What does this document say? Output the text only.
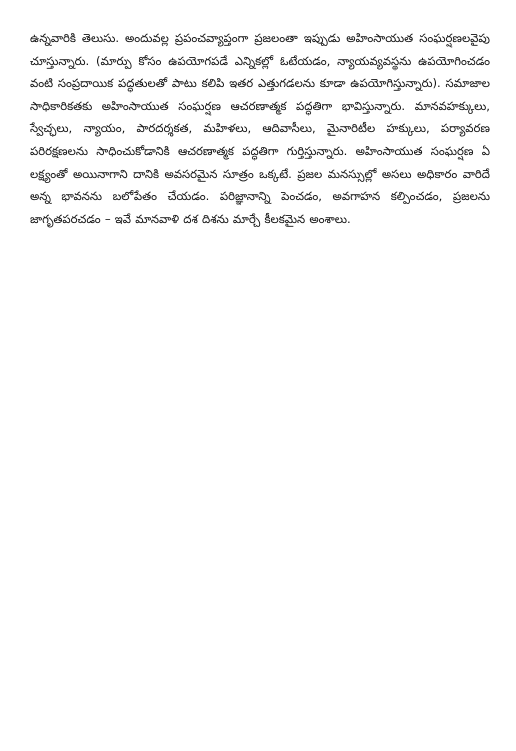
ఉన్నవారికి తెలుసు. అందువల్ల ప్రపంచవ్యాప్తంగా ప్రజలంతా ఇప్పుడు అహింసాయుత సంఘర్షణలవైపు చూస్తున్నారు. (మార్పు కోసం ఉపయోగపడే ఎన్నికల్లో ఓటేయడం, న్యాయవ్యవస్థను ఉపయోగించడం వంటి సంప్రదాయిక పద్ధతులతో పాటు కలిపి ఇతర ఎత్తుగడలను కూడా ఉపయోగిస్తున్నారు). సమాజాల సాధికారికతకు అహింసాయుత సంఘర్షణ ఆచరణాత్మక పద్ధతిగా భావిస్తున్నారు. మానవహక్కులు, స్వేచ్ఛలు, న్యాయం, పారదర్శకత, మహిళలు, ఆదివాసీలు, మైనారిటీల హక్కులు, పర్యావరణ పరిరక్షణలను సాధించుకోడానికి ఆచరణాత్మక పద్ధతిగా గుర్తిస్తున్నారు. అహింసాయుత సంఘర్షణ ఏ లక్ష్యంతో అయినాగాని దానికి అవసరమైన సూత్రం ఒక్కటే. ప్రజల మనస్సుల్లో అసలు అధికారం వారిదే అన్న భావనను బలోపేతం చేయడం. పరిజ్ఞానాన్ని పెంచడం, అవగాహన కల్పించడం, ప్రజలను జాగృతపరచడం – ఇవే మానవాళి దశ దిశను మార్చే కీలకమైన అంశాలు.
